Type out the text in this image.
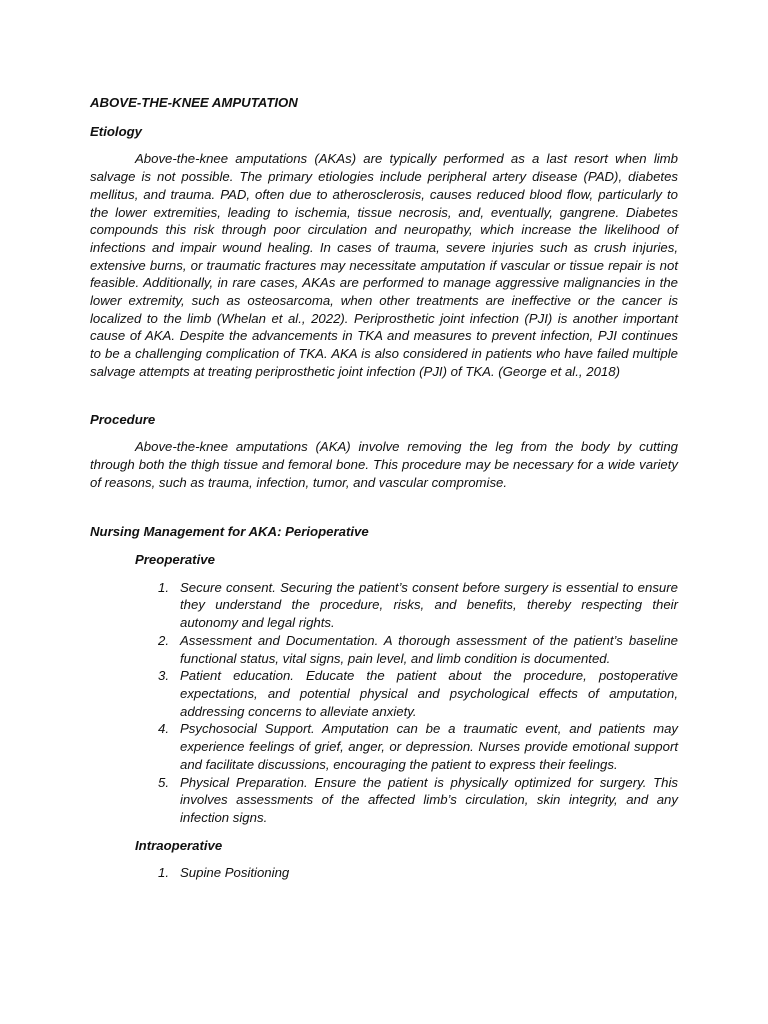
ABOVE-THE-KNEE AMPUTATION
Etiology

Above-the-knee amputations (AKAs) are typically performed as a last resort when limb salvage is not possible. The primary etiologies include peripheral artery disease (PAD), diabetes mellitus, and trauma. PAD, often due to atherosclerosis, causes reduced blood flow, particularly to the lower extremities, leading to ischemia, tissue necrosis, and, eventually, gangrene. Diabetes compounds this risk through poor circulation and neuropathy, which increase the likelihood of infections and impair wound healing. In cases of trauma, severe injuries such as crush injuries, extensive burns, or traumatic fractures may necessitate amputation if vascular or tissue repair is not feasible. Additionally, in rare cases, AKAs are performed to manage aggressive malignancies in the lower extremity, such as osteosarcoma, when other treatments are ineffective or the cancer is localized to the limb (Whelan et al., 2022). Periprosthetic joint infection (PJI) is another important cause of AKA. Despite the advancements in TKA and measures to prevent infection, PJI continues to be a challenging complication of TKA. AKA is also considered in patients who have failed multiple salvage attempts at treating periprosthetic joint infection (PJI) of TKA. (George et al., 2018)

Procedure

Above-the-knee amputations (AKA) involve removing the leg from the body by cutting through both the thigh tissue and femoral bone. This procedure may be necessary for a wide variety of reasons, such as trauma, infection, tumor, and vascular compromise.

Nursing Management for AKA: Perioperative
Preoperative
1. Secure consent. Securing the patient’s consent before surgery is essential to ensure they understand the procedure, risks, and benefits, thereby respecting their autonomy and legal rights.
2. Assessment and Documentation. A thorough assessment of the patient’s baseline functional status, vital signs, pain level, and limb condition is documented.
3. Patient education. Educate the patient about the procedure, postoperative expectations, and potential physical and psychological effects of amputation, addressing concerns to alleviate anxiety.
4. Psychosocial Support. Amputation can be a traumatic event, and patients may experience feelings of grief, anger, or depression. Nurses provide emotional support and facilitate discussions, encouraging the patient to express their feelings.
5. Physical Preparation. Ensure the patient is physically optimized for surgery. This involves assessments of the affected limb’s circulation, skin integrity, and any infection signs.
Intraoperative
1. Supine Positioning
